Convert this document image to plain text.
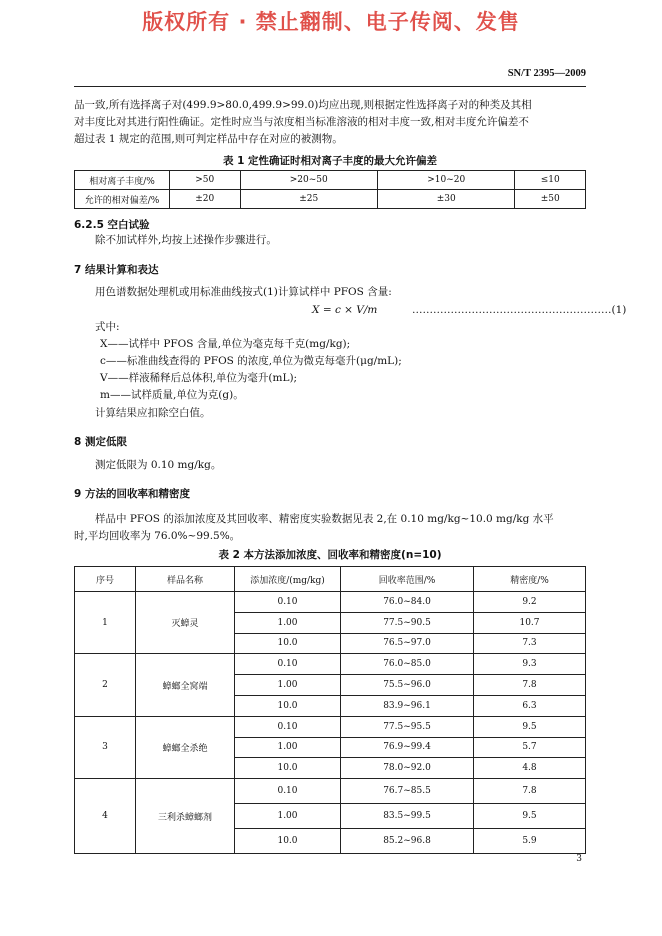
版权所有 · 禁止翻制、电子传阅、发售
SN/T 2395—2009
品一致,所有选择离子对(499.9>80.0,499.9>99.0)均应出现,则根据定性选择离子对的种类及其相
对丰度比对其进行阳性确证。定性时应当与浓度相当标准溶液的相对丰度一致,相对丰度允许偏差不
超过表 1 规定的范围,则可判定样品中存在对应的被测物。
表 1 定性确证时相对离子丰度的最大允许偏差
相对离子丰度/%	>50	>20~50	>10~20	≤10
允许的相对偏差/%	±20	±25	±30	±50
6.2.5 空白试验
除不加试样外,均按上述操作步骤进行。
7 结果计算和表达
用色谱数据处理机或用标准曲线按式(1)计算试样中 PFOS 含量:
X = c × V/m	…………………………………………………(1)
式中:
X——试样中 PFOS 含量,单位为毫克每千克(mg/kg);
c——标准曲线查得的 PFOS 的浓度,单位为微克每毫升(μg/mL);
V——样液稀释后总体积,单位为毫升(mL);
m——试样质量,单位为克(g)。
计算结果应扣除空白值。
8 测定低限
测定低限为 0.10 mg/kg。
9 方法的回收率和精密度
样品中 PFOS 的添加浓度及其回收率、精密度实验数据见表 2,在 0.10 mg/kg~10.0 mg/kg 水平
时,平均回收率为 76.0%~99.5%。
表 2 本方法添加浓度、回收率和精密度(n=10)
序号	样品名称	添加浓度/(mg/kg)	回收率范围/%	精密度/%
1	灭蟑灵	0.10	76.0~84.0	9.2
		1.00	77.5~90.5	10.7
		10.0	76.5~97.0	7.3
2	蟑螂全窝端	0.10	76.0~85.0	9.3
		1.00	75.5~96.0	7.8
		10.0	83.9~96.1	6.3
3	蟑螂全杀绝	0.10	77.5~95.5	9.5
		1.00	76.9~99.4	5.7
		10.0	78.0~92.0	4.8
4	三利杀蟑螂剂	0.10	76.7~85.5	7.8
		1.00	83.5~99.5	9.5
		10.0	85.2~96.8	5.9
3
